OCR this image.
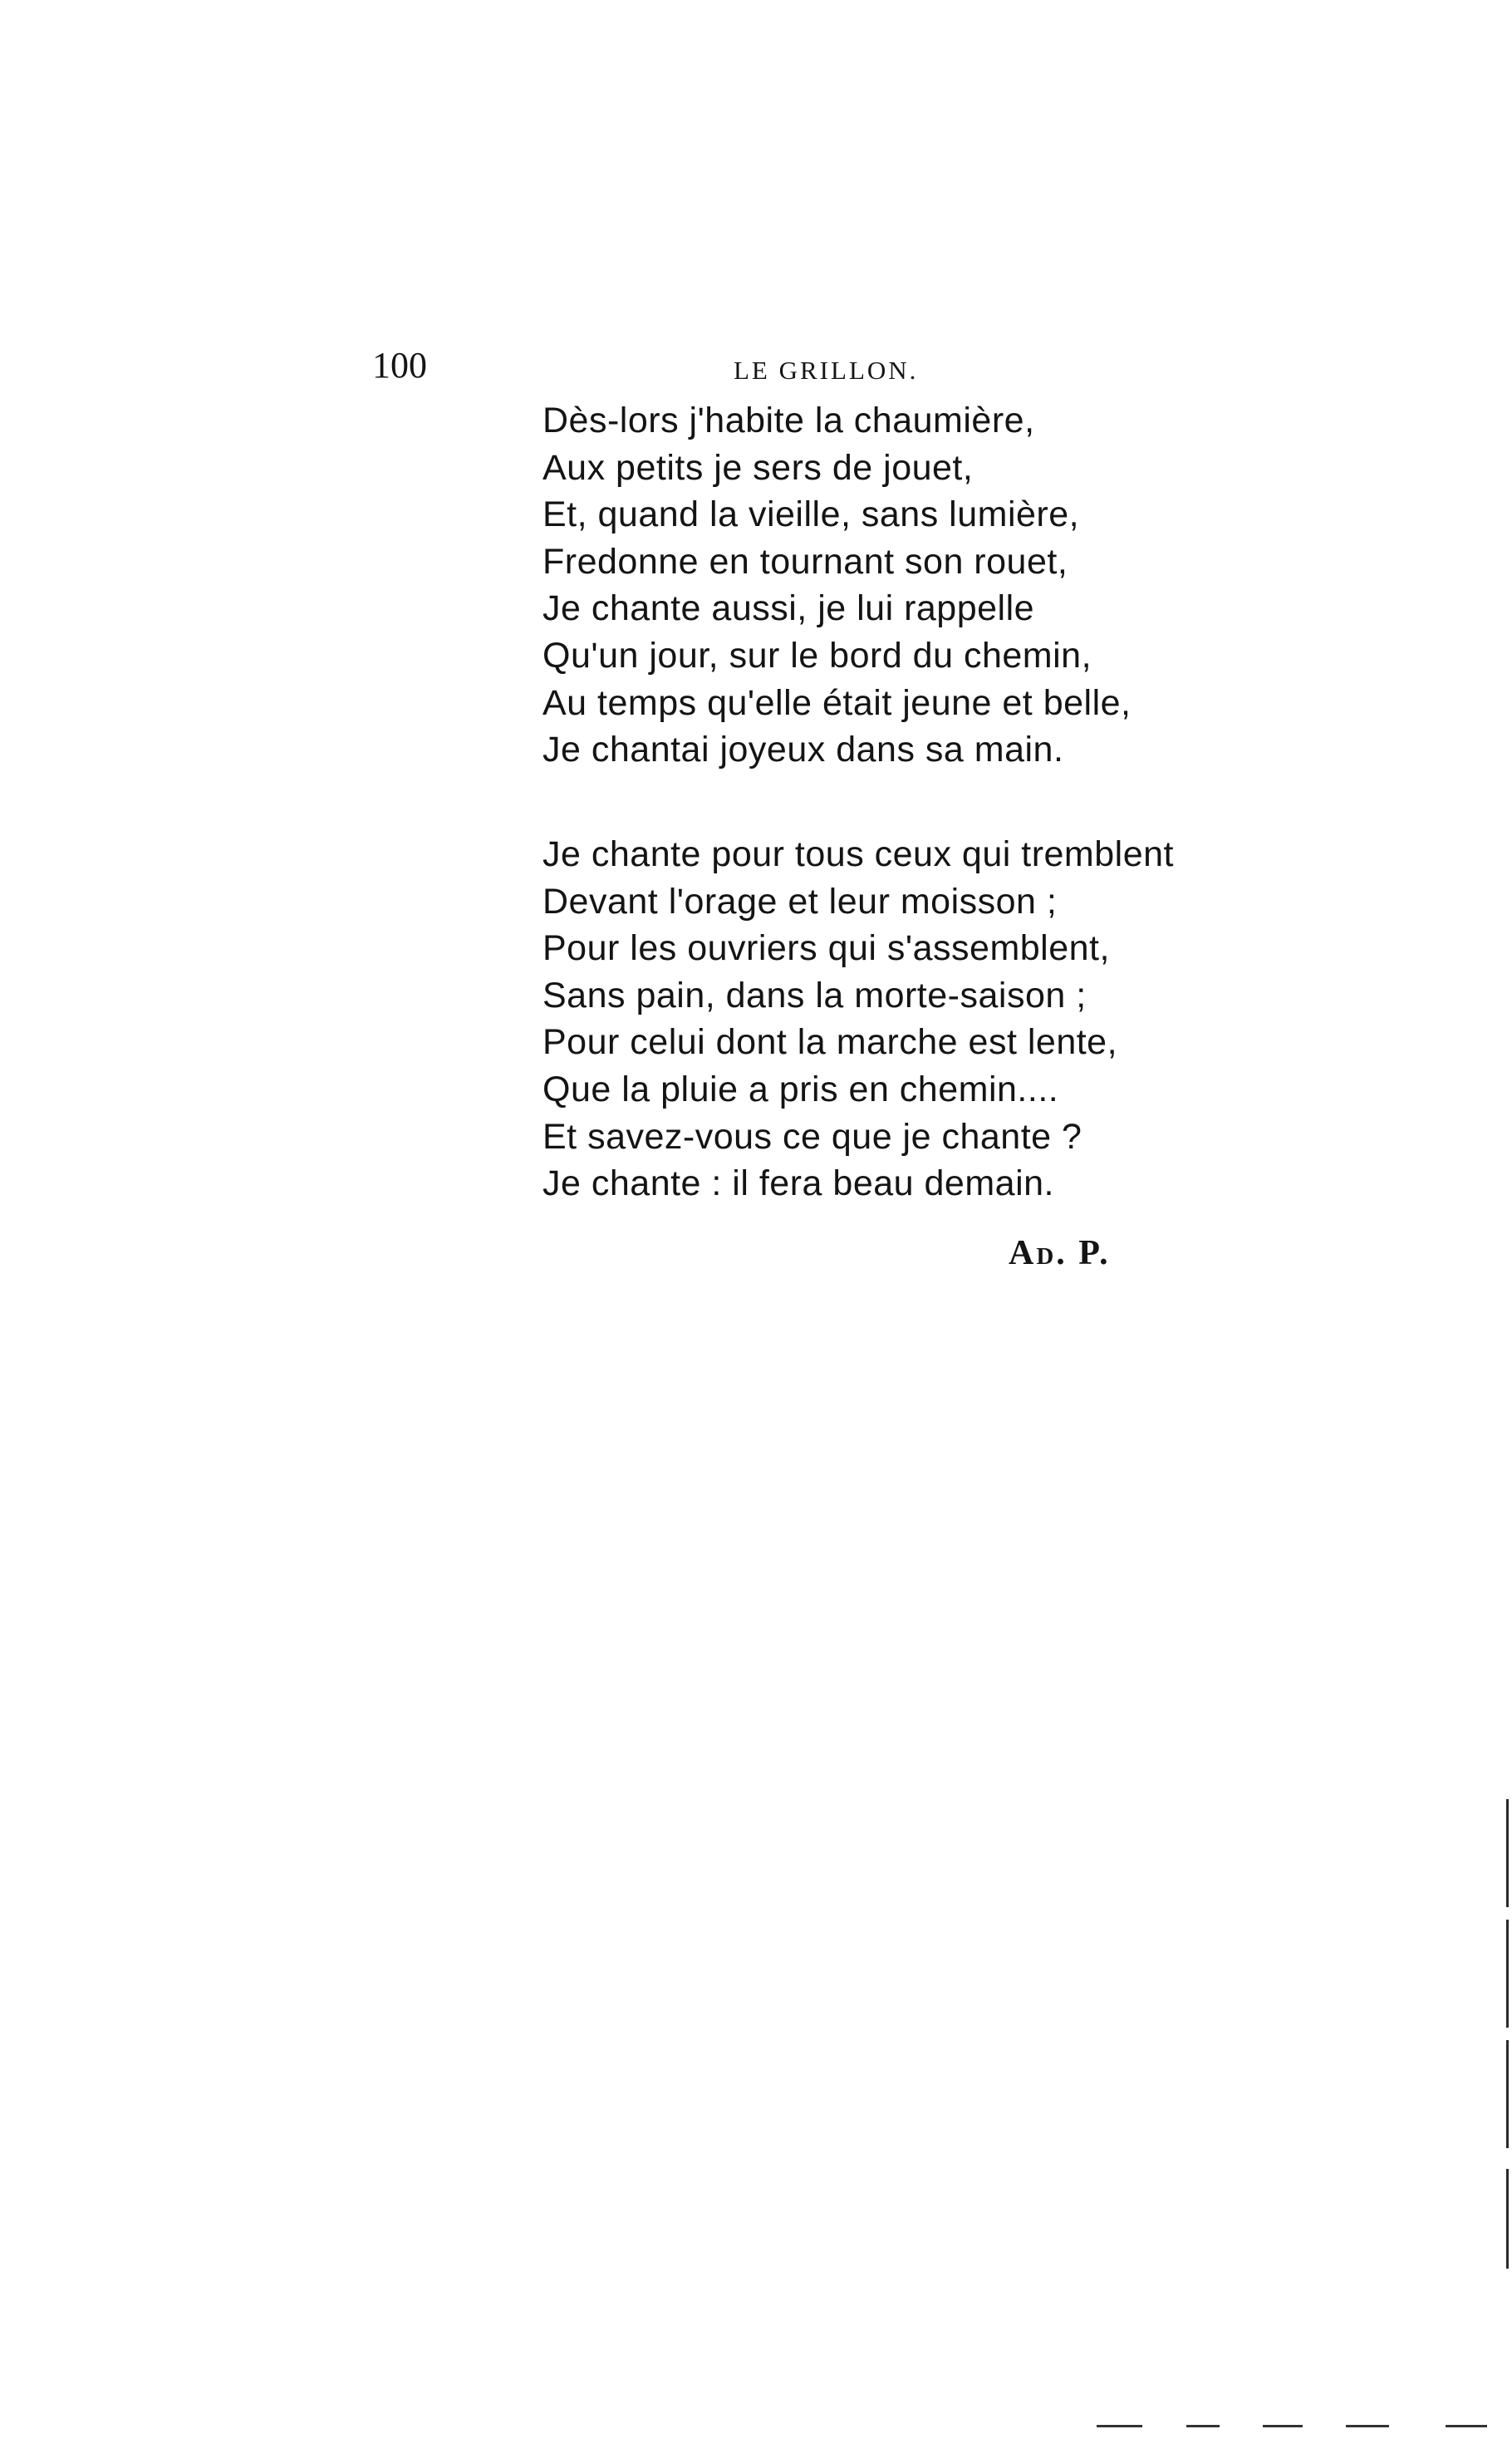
100	LE GRILLON.
Dès-lors j'habite la chaumière,
Aux petits je sers de jouet,
Et, quand la vieille, sans lumière,
Fredonne en tournant son rouet,
Je chante aussi, je lui rappelle
Qu'un jour, sur le bord du chemin,
Au temps qu'elle était jeune et belle,
Je chantai joyeux dans sa main.
Je chante pour tous ceux qui tremblent
Devant l'orage et leur moisson ;
Pour les ouvriers qui s'assemblent,
Sans pain, dans la morte-saison ;
Pour celui dont la marche est lente,
Que la pluie a pris en chemin....
Et savez-vous ce que je chante ?
Je chante : il fera beau demain.
Ad. P.
